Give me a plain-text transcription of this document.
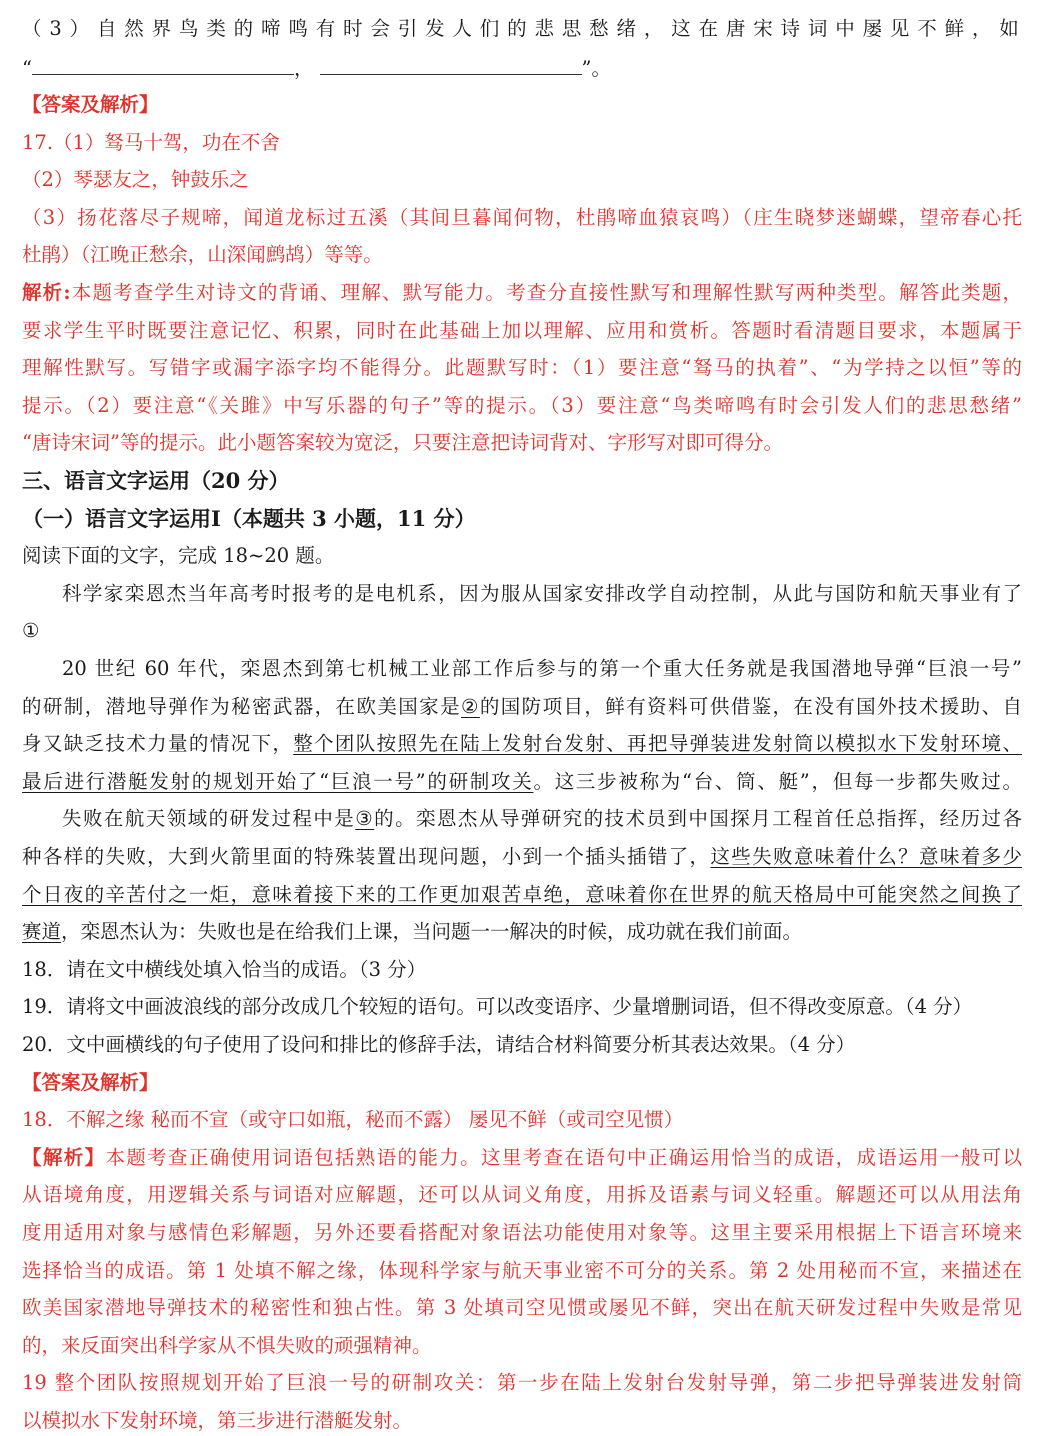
（3）自然界鸟类的啼鸣有时会引发人们的悲思愁绪，这在唐宋诗词中屡见不鲜，如
“	，	”。
【答案及解析】
17.（1）驽马十驾，功在不舍
（2）琴瑟友之，钟鼓乐之
（3）扬花落尽子规啼，闻道龙标过五溪（其间旦暮闻何物，杜鹃啼血猿哀鸣）（庄生晓梦迷蝴蝶，望帝春心托
杜鹃）（江晚正愁余，山深闻鹧鸪）等等。
解析:本题考查学生对诗文的背诵、理解、默写能力。考查分直接性默写和理解性默写两种类型。解答此类题，
要求学生平时既要注意记忆、积累，同时在此基础上加以理解、应用和赏析。答题时看清题目要求，本题属于
理解性默写。写错字或漏字添字均不能得分。此题默写时：（1）要注意“驽马的执着”、“为学持之以恒”等的
提示。（2）要注意“《关雎》中写乐器的句子”等的提示。（3）要注意“鸟类啼鸣有时会引发人们的悲思愁绪”
“唐诗宋词”等的提示。此小题答案较为宽泛，只要注意把诗词背对、字形写对即可得分。
三、语言文字运用（20 分）
（一）语言文字运用Ⅰ（本题共 3 小题，11 分）
阅读下面的文字，完成 18~20 题。
科学家栾恩杰当年高考时报考的是电机系，因为服从国家安排改学自动控制，从此与国防和航天事业有了
①
20 世纪 60 年代，栾恩杰到第七机械工业部工作后参与的第一个重大任务就是我国潜地导弹“巨浪一号”
的研制，潜地导弹作为秘密武器，在欧美国家是②的国防项目，鲜有资料可供借鉴，在没有国外技术援助、自
身又缺乏技术力量的情况下，整个团队按照先在陆上发射台发射、再把导弹装进发射筒以模拟水下发射环境、
最后进行潜艇发射的规划开始了“巨浪一号”的研制攻关。这三步被称为“台、筒、艇”，但每一步都失败过。
失败在航天领域的研发过程中是③的。栾恩杰从导弹研究的技术员到中国探月工程首任总指挥，经历过各
种各样的失败，大到火箭里面的特殊装置出现问题，小到一个插头插错了，这些失败意味着什么？意味着多少
个日夜的辛苦付之一炬，意味着接下来的工作更加艰苦卓绝，意味着你在世界的航天格局中可能突然之间换了
赛道，栾恩杰认为：失败也是在给我们上课，当问题一一解决的时候，成功就在我们前面。
18．请在文中横线处填入恰当的成语。（3 分）
19．请将文中画波浪线的部分改成几个较短的语句。可以改变语序、少量增删词语，但不得改变原意。（4 分）
20．文中画横线的句子使用了设问和排比的修辞手法，请结合材料简要分析其表达效果。（4 分）
【答案及解析】
18．不解之缘 秘而不宣（或守口如瓶，秘而不露） 屡见不鲜（或司空见惯）
【解析】本题考查正确使用词语包括熟语的能力。这里考查在语句中正确运用恰当的成语，成语运用一般可以
从语境角度，用逻辑关系与词语对应解题，还可以从词义角度，用拆及语素与词义轻重。解题还可以从用法角
度用适用对象与感情色彩解题，另外还要看搭配对象语法功能使用对象等。这里主要采用根据上下语言环境来
选择恰当的成语。第 1 处填不解之缘，体现科学家与航天事业密不可分的关系。第 2 处用秘而不宣，来描述在
欧美国家潜地导弹技术的秘密性和独占性。第 3 处填司空见惯或屡见不鲜，突出在航天研发过程中失败是常见
的，来反面突出科学家从不惧失败的顽强精神。
19 整个团队按照规划开始了巨浪一号的研制攻关：第一步在陆上发射台发射导弹，第二步把导弹装进发射筒
以模拟水下发射环境，第三步进行潜艇发射。
